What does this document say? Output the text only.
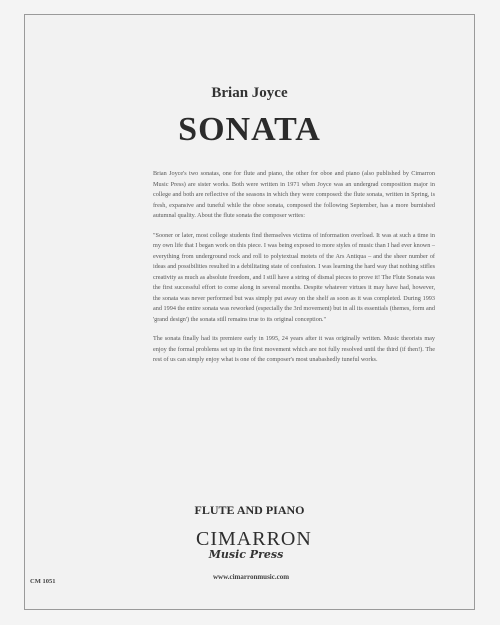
Brian Joyce
SONATA

Brian Joyce's two sonatas, one for flute and piano, the other for oboe and piano (also published by Cimarron Music Press) are sister works. Both were written in 1971 when Joyce was an undergrad composition major in college and both are reflective of the seasons in which they were composed: the flute sonata, written in Spring, is fresh, expansive and tuneful while the oboe sonata, composed the following September, has a more burnished autumnal quality. About the flute sonata the composer writes:

"Sooner or later, most college students find themselves victims of information overload. It was at such a time in my own life that I began work on this piece. I was being exposed to more styles of music than I had ever known – everything from underground rock and roll to polytextual motets of the Ars Antiqua – and the sheer number of ideas and possibilities resulted in a debilitating state of confusion. I was learning the hard way that nothing stifles creativity as much as absolute freedom, and I still have a string of dismal pieces to prove it! The Flute Sonata was the first successful effort to come along in several months. Despite whatever virtues it may have had, however, the sonata was never performed but was simply put away on the shelf as soon as it was completed. During 1993 and 1994 the entire sonata was reworked (especially the 3rd movement) but in all its essentials (themes, form and 'grand design') the sonata still remains true to its original conception."

The sonata finally had its premiere early in 1995, 24 years after it was originally written. Music theorists may enjoy the formal problems set up in the first movement which are not fully resolved until the third (if then!). The rest of us can simply enjoy what is one of the composer's most unabashedly tuneful works.

FLUTE AND PIANO
CIMARRON
Music Press
www.cimarronmusic.com
CM 1051
